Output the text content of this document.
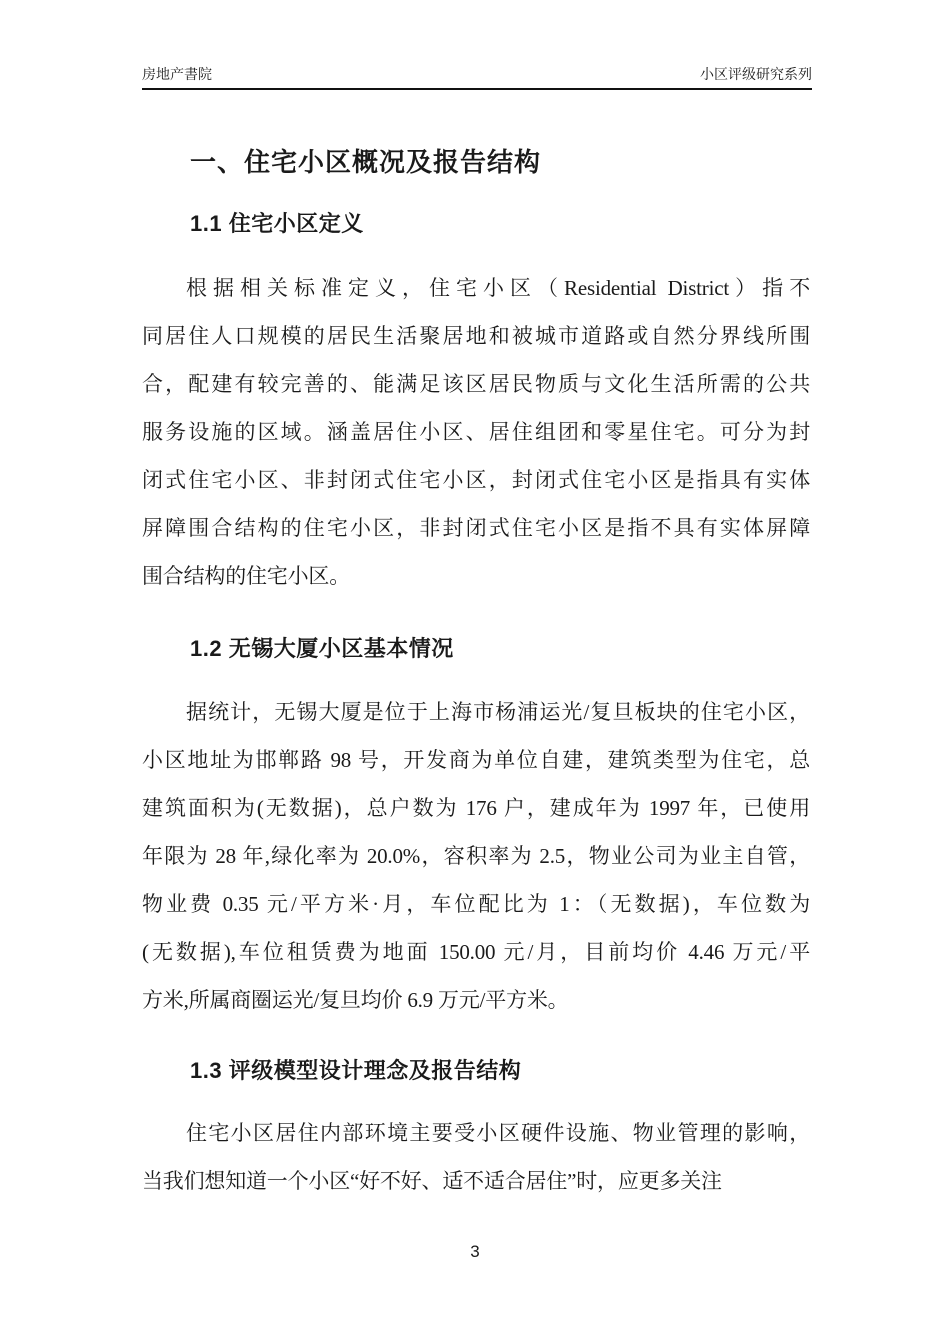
房地产書院	小区评级研究系列
一、住宅小区概况及报告结构
1.1 住宅小区定义
根据相关标准定义，住宅小区（Residential District）指不
同居住人口规模的居民生活聚居地和被城市道路或自然分界线所围
合，配建有较完善的、能满足该区居民物质与文化生活所需的公共
服务设施的区域。涵盖居住小区、居住组团和零星住宅。可分为封
闭式住宅小区、非封闭式住宅小区，封闭式住宅小区是指具有实体
屏障围合结构的住宅小区，非封闭式住宅小区是指不具有实体屏障
围合结构的住宅小区。
1.2 无锡大厦小区基本情况
据统计，无锡大厦是位于上海市杨浦运光/复旦板块的住宅小区，
小区地址为邯郸路 98 号，开发商为单位自建，建筑类型为住宅，总
建筑面积为(无数据)，总户数为 176 户，建成年为 1997 年，已使用
年限为 28 年,绿化率为 20.0%，容积率为 2.5，物业公司为业主自管，
物业费 0.35 元/平方米·月，车位配比为 1：（无数据)，车位数为
(无数据),车位租赁费为地面 150.00 元/月，目前均价 4.46 万元/平
方米,所属商圈运光/复旦均价 6.9 万元/平方米。
1.3 评级模型设计理念及报告结构
住宅小区居住内部环境主要受小区硬件设施、物业管理的影响，
当我们想知道一个小区“好不好、适不适合居住”时，应更多关注
3
